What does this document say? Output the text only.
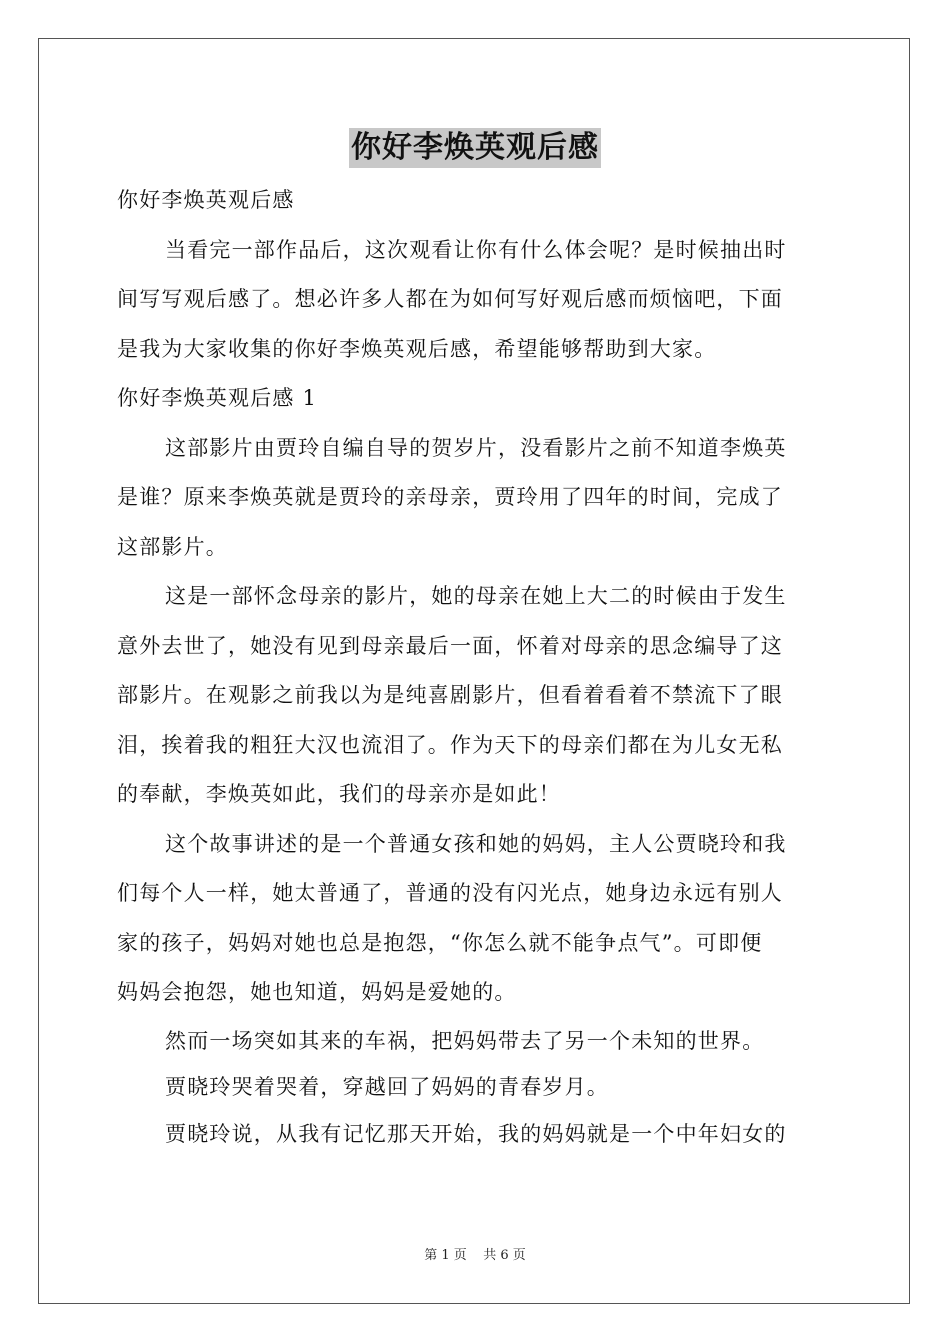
你好李焕英观后感
你好李焕英观后感
当看完一部作品后，这次观看让你有什么体会呢？是时候抽出时
间写写观后感了。想必许多人都在为如何写好观后感而烦恼吧，下面
是我为大家收集的你好李焕英观后感，希望能够帮助到大家。
你好李焕英观后感 1
这部影片由贾玲自编自导的贺岁片，没看影片之前不知道李焕英
是谁？原来李焕英就是贾玲的亲母亲，贾玲用了四年的时间，完成了
这部影片。
这是一部怀念母亲的影片，她的母亲在她上大二的时候由于发生
意外去世了，她没有见到母亲最后一面，怀着对母亲的思念编导了这
部影片。在观影之前我以为是纯喜剧影片，但看着看着不禁流下了眼
泪，挨着我的粗狂大汉也流泪了。作为天下的母亲们都在为儿女无私
的奉献，李焕英如此，我们的母亲亦是如此！
这个故事讲述的是一个普通女孩和她的妈妈，主人公贾晓玲和我
们每个人一样，她太普通了，普通的没有闪光点，她身边永远有别人
家的孩子，妈妈对她也总是抱怨，“你怎么就不能争点气”。可即便
妈妈会抱怨，她也知道，妈妈是爱她的。
然而一场突如其来的车祸，把妈妈带去了另一个未知的世界。
贾晓玲哭着哭着，穿越回了妈妈的青春岁月。
贾晓玲说，从我有记忆那天开始，我的妈妈就是一个中年妇女的
第 1 页 共 6 页
